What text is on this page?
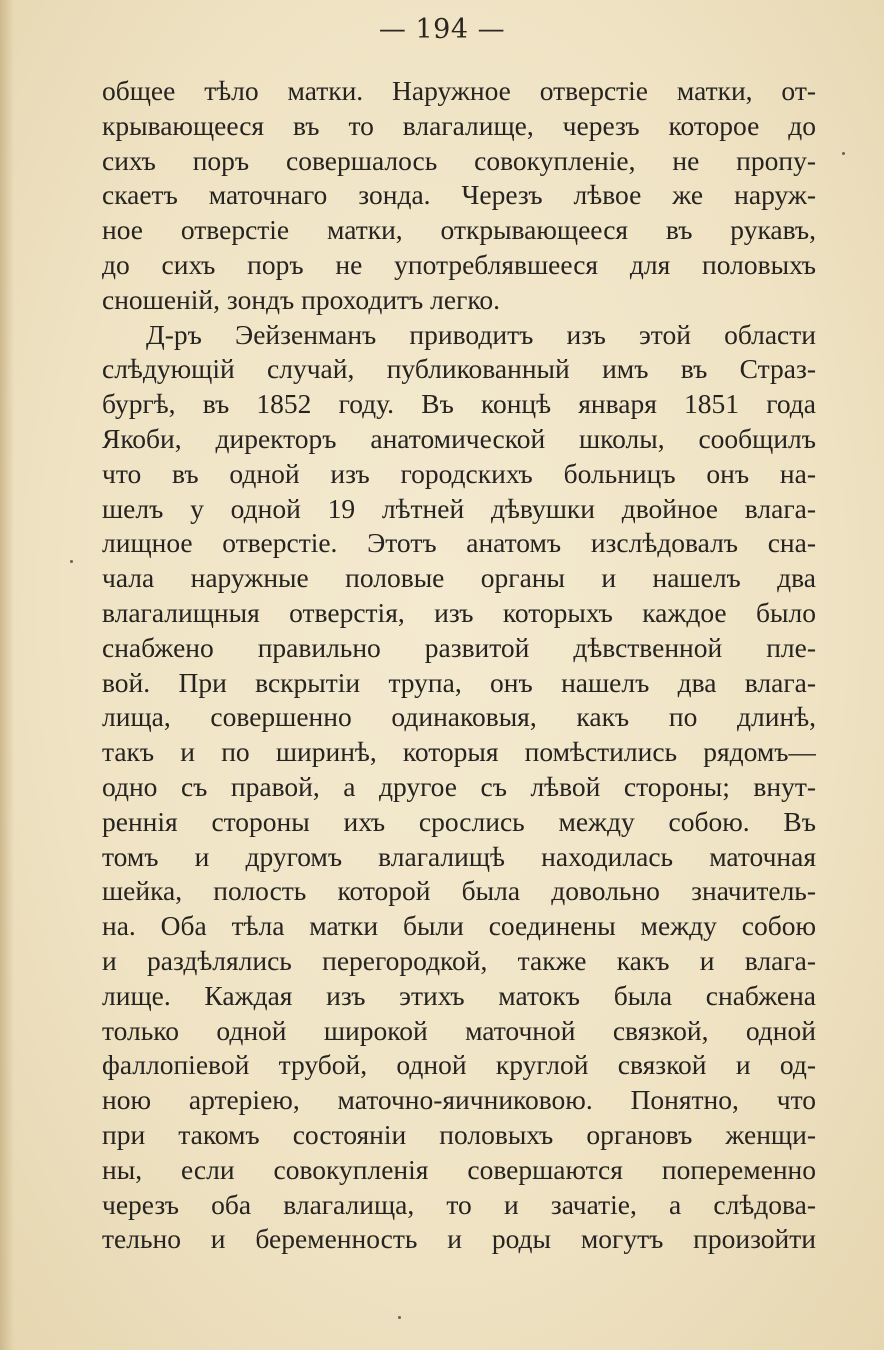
— 194 —
общее тѣло матки. Наружное отверстіе матки, от-
крывающееся въ то влагалище, черезъ которое до
сихъ поръ совершалось совокупленіе, не пропу-
скаетъ маточнаго зонда. Черезъ лѣвое же наруж-
ное отверстіе матки, открывающееся въ рукавъ,
до сихъ поръ не употреблявшееся для половыхъ
сношеній, зондъ проходитъ легко.
Д-ръ Эейзенманъ приводитъ изъ этой области
слѣдующій случай, публикованный имъ въ Страз-
бургѣ, въ 1852 году. Въ концѣ января 1851 года
Якоби, директоръ анатомической школы, сообщилъ
что въ одной изъ городскихъ больницъ онъ на-
шелъ у одной 19 лѣтней дѣвушки двойное влага-
лищное отверстіе. Этотъ анатомъ изслѣдовалъ сна-
чала наружные половые органы и нашелъ два
влагалищныя отверстія, изъ которыхъ каждое было
снабжено правильно развитой дѣвственной пле-
вой. При вскрытіи трупа, онъ нашелъ два влага-
лища, совершенно одинаковыя, какъ по длинѣ,
такъ и по ширинѣ, которыя помѣстились рядомъ—
одно съ правой, а другое съ лѣвой стороны; внут-
реннія стороны ихъ срослись между собою. Въ
томъ и другомъ влагалищѣ находилась маточная
шейка, полость которой была довольно значитель-
на. Оба тѣла матки были соединены между собою
и раздѣлялись перегородкой, также какъ и влага-
лище. Каждая изъ этихъ матокъ была снабжена
только одной широкой маточной связкой, одной
фаллопіевой трубой, одной круглой связкой и од-
ною артеріею, маточно-яичниковою. Понятно, что
при такомъ состояніи половыхъ органовъ женщи-
ны, если совокупленія совершаются попеременно
черезъ оба влагалища, то и зачатіе, а слѣдова-
тельно и беременность и роды могутъ произойти
